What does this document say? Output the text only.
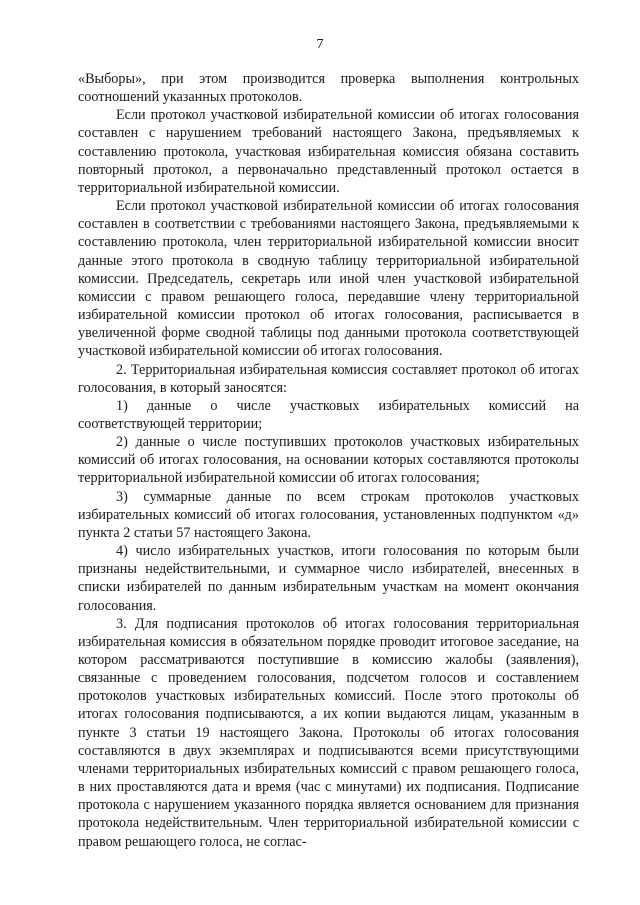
7

«Выборы», при этом производится проверка выполнения контрольных соотношений указанных протоколов.

Если протокол участковой избирательной комиссии об итогах голосования составлен с нарушением требований настоящего Закона, предъявляемых к составлению протокола, участковая избирательная комиссия обязана составить повторный протокол, а первоначально представленный протокол остается в территориальной избирательной комиссии.

Если протокол участковой избирательной комиссии об итогах голосования составлен в соответствии с требованиями настоящего Закона, предъявляемыми к составлению протокола, член территориальной избирательной комиссии вносит данные этого протокола в сводную таблицу территориальной избирательной комиссии. Председатель, секретарь или иной член участковой избирательной комиссии с правом решающего голоса, передавшие члену территориальной избирательной комиссии протокол об итогах голосования, расписывается в увеличенной форме сводной таблицы под данными протокола соответствующей участковой избирательной комиссии об итогах голосования.

2. Территориальная избирательная комиссия составляет протокол об итогах голосования, в который заносятся:

1) данные о числе участковых избирательных комиссий на соответствующей территории;

2) данные о числе поступивших протоколов участковых избирательных комиссий об итогах голосования, на основании которых составляются протоколы территориальной избирательной комиссии об итогах голосования;

3) суммарные данные по всем строкам протоколов участковых избирательных комиссий об итогах голосования, установленных подпунктом «д» пункта 2 статьи 57 настоящего Закона.

4) число избирательных участков, итоги голосования по которым были признаны недействительными, и суммарное число избирателей, внесенных в списки избирателей по данным избирательным участкам на момент окончания голосования.

3. Для подписания протоколов об итогах голосования территориальная избирательная комиссия в обязательном порядке проводит итоговое заседание, на котором рассматриваются поступившие в комиссию жалобы (заявления), связанные с проведением голосования, подсчетом голосов и составлением протоколов участковых избирательных комиссий. После этого протоколы об итогах голосования подписываются, а их копии выдаются лицам, указанным в пункте 3 статьи 19 настоящего Закона. Протоколы об итогах голосования составляются в двух экземплярах и подписываются всеми присутствующими членами территориальных избирательных комиссий с правом решающего голоса, в них проставляются дата и время (час с минутами) их подписания. Подписание протокола с нарушением указанного порядка является основанием для признания протокола недействительным. Член территориальной избирательной комиссии с правом решающего голоса, не соглас-
